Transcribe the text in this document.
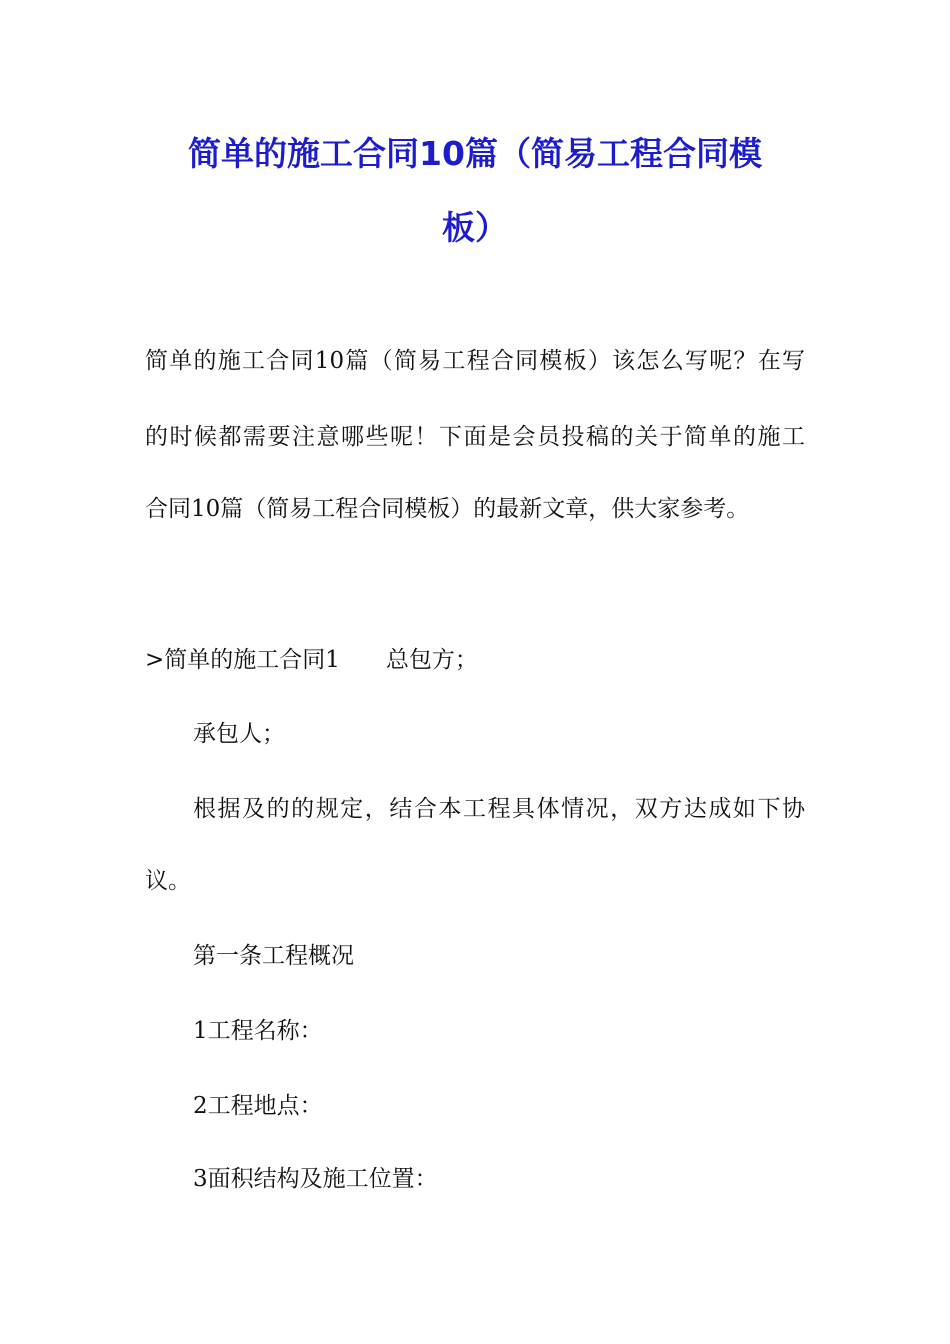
简单的施工合同10篇（简易工程合同模
板）
简单的施工合同10篇（简易工程合同模板）该怎么写呢？在写
的时候都需要注意哪些呢！下面是会员投稿的关于简单的施工
合同10篇（简易工程合同模板）的最新文章，供大家参考。
>简单的施工合同1　　总包方；
承包人；
根据及的的规定，结合本工程具体情况，双方达成如下协
议。
第一条工程概况
1工程名称：
2工程地点：
3面积结构及施工位置：
